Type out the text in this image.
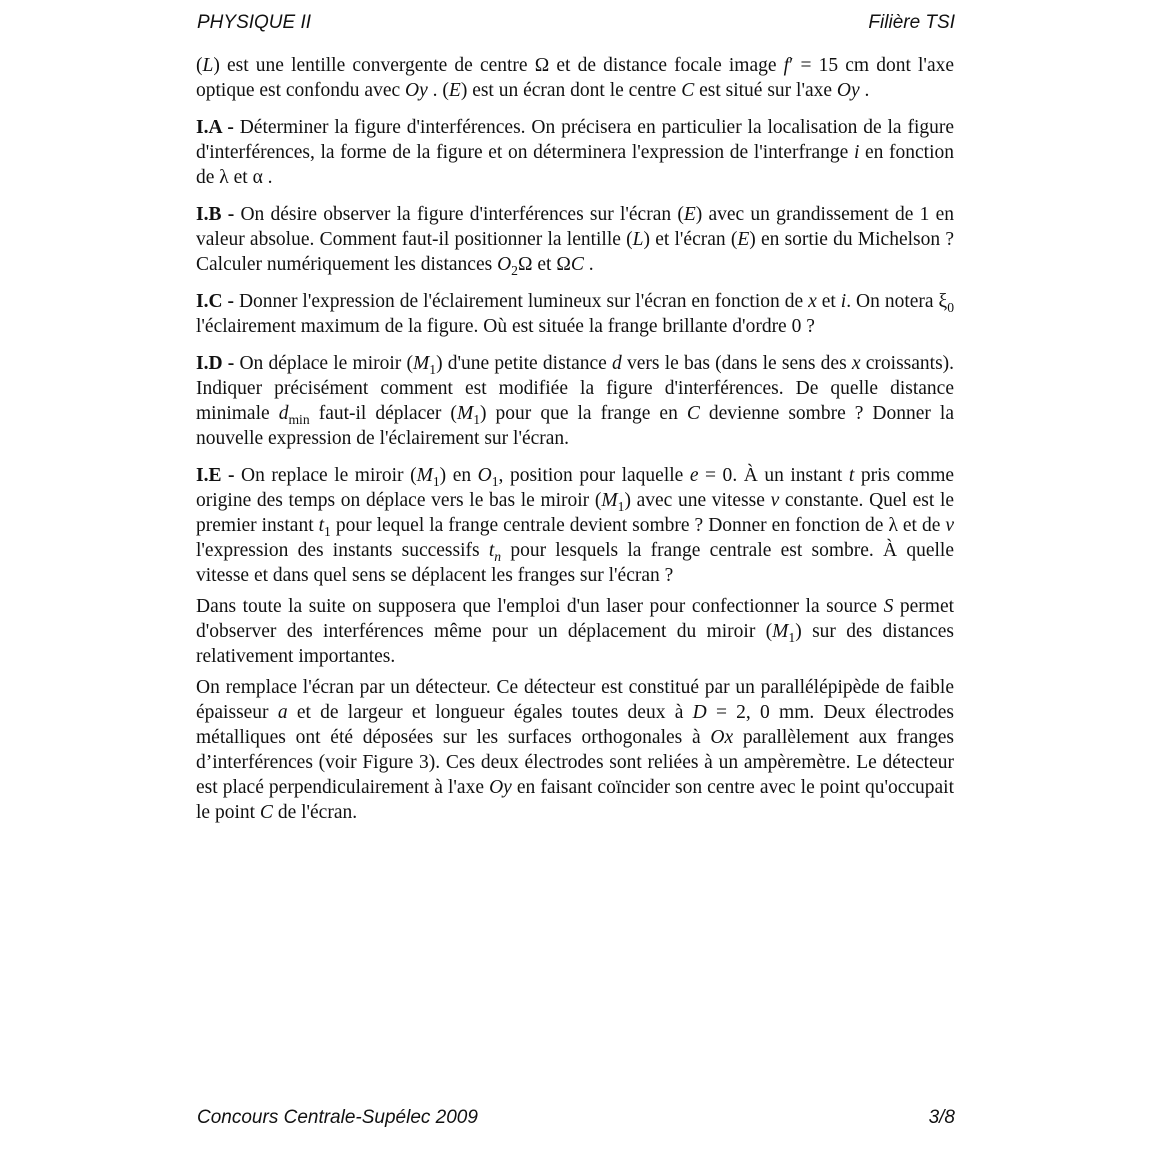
PHYSIQUE II	Filière TSI

(L) est une lentille convergente de centre Ω et de distance focale image f′ = 15 cm dont l'axe optique est confondu avec Oy . (E) est un écran dont le centre C est situé sur l'axe Oy .

I.A - Déterminer la figure d'interférences. On précisera en particulier la localisation de la figure d'interférences, la forme de la figure et on déterminera l'expression de l'interfrange i en fonction de λ et α .

I.B - On désire observer la figure d'interférences sur l'écran (E) avec un grandissement de 1 en valeur absolue. Comment faut-il positionner la lentille (L) et l'écran (E) en sortie du Michelson ? Calculer numériquement les distances $O_2\Omega$ et ΩC .

I.C - Donner l'expression de l'éclairement lumineux sur l'écran en fonction de x et i. On notera $\xi_0$ l'éclairement maximum de la figure. Où est située la frange brillante d'ordre 0 ?

I.D - On déplace le miroir $(M_1)$ d'une petite distance d vers le bas (dans le sens des x croissants). Indiquer précisément comment est modifiée la figure d'interférences. De quelle distance minimale $d_{min}$ faut-il déplacer $(M_1)$ pour que la frange en C devienne sombre ? Donner la nouvelle expression de l'éclairement sur l'écran.

I.E - On replace le miroir $(M_1)$ en $O_1$, position pour laquelle e = 0. À un instant t pris comme origine des temps on déplace vers le bas le miroir $(M_1)$ avec une vitesse v constante. Quel est le premier instant $t_1$ pour lequel la frange centrale devient sombre ? Donner en fonction de λ et de v l'expression des instants successifs $t_n$ pour lesquels la frange centrale est sombre. À quelle vitesse et dans quel sens se déplacent les franges sur l'écran ?

Dans toute la suite on supposera que l'emploi d'un laser pour confectionner la source S permet d'observer des interférences même pour un déplacement du miroir $(M_1)$ sur des distances relativement importantes.

On remplace l'écran par un détecteur. Ce détecteur est constitué par un parallélépipède de faible épaisseur a et de largeur et longueur égales toutes deux à D = 2, 0 mm. Deux électrodes métalliques ont été déposées sur les surfaces orthogonales à Ox parallèlement aux franges d’interférences (voir Figure 3). Ces deux électrodes sont reliées à un ampèremètre. Le détecteur est placé perpendiculairement à l'axe Oy en faisant coïncider son centre avec le point qu'occupait le point C de l'écran.

Concours Centrale-Supélec 2009	3/8
